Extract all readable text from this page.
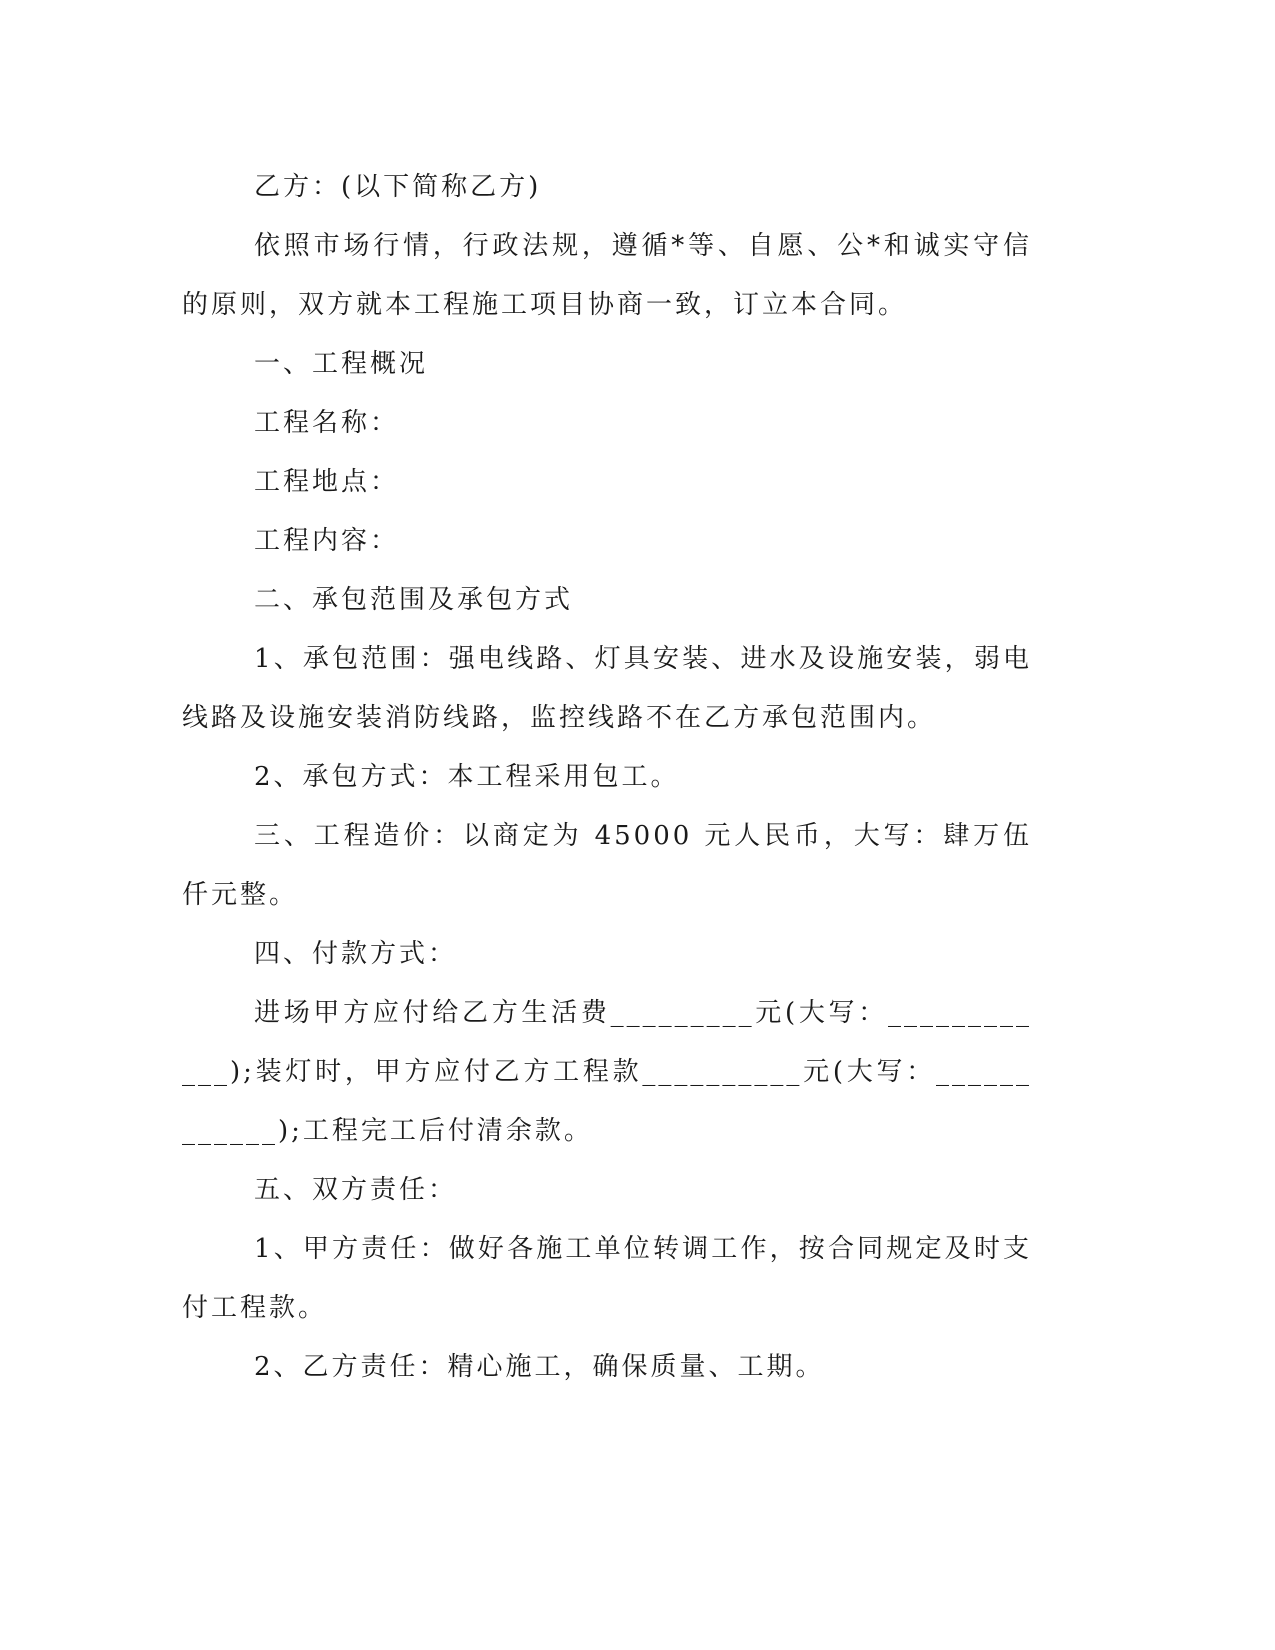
乙方：(以下简称乙方)

依照市场行情，行政法规，遵循*等、自愿、公*和诚实守信的原则，双方就本工程施工项目协商一致，订立本合同。

一、工程概况

工程名称：

工程地点：

工程内容：

二、承包范围及承包方式

1、承包范围：强电线路、灯具安装、进水及设施安装，弱电线路及设施安装消防线路，监控线路不在乙方承包范围内。

2、承包方式：本工程采用包工。

三、工程造价：以商定为 45000 元人民币，大写：肆万伍仟元整。

四、付款方式：

进场甲方应付给乙方生活费_________元(大写：____________);装灯时，甲方应付乙方工程款__________元(大写：____________);工程完工后付清余款。

五、双方责任：

1、甲方责任：做好各施工单位转调工作，按合同规定及时支付工程款。

2、乙方责任：精心施工，确保质量、工期。
